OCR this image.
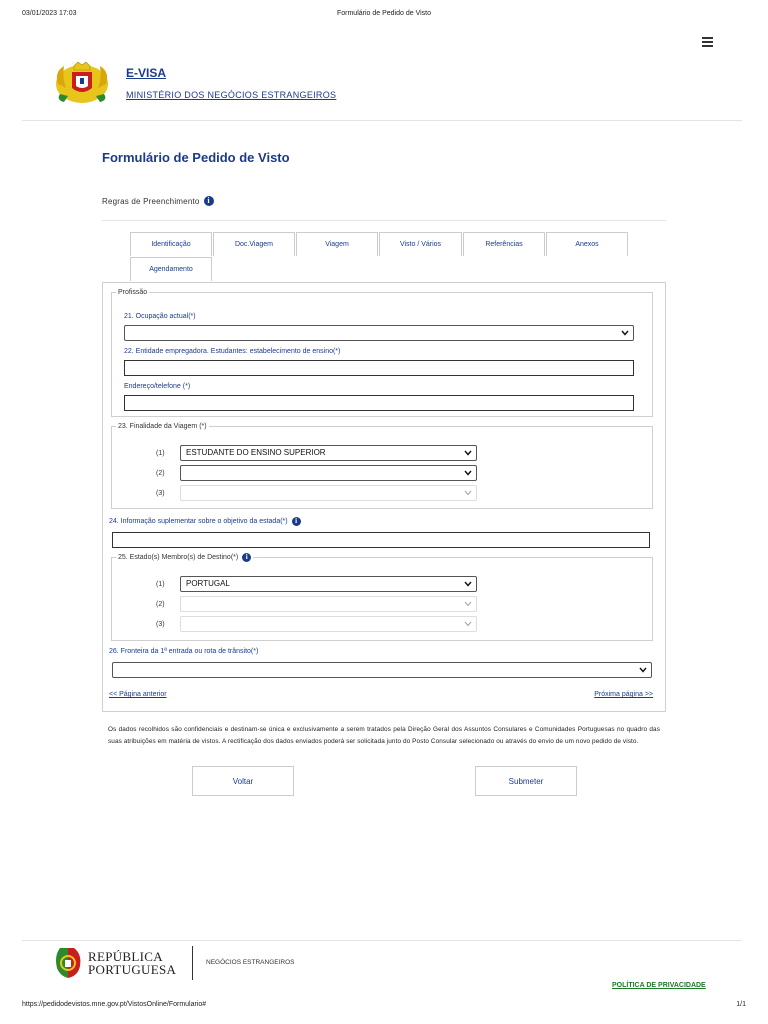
03/01/2023 17:03	Formulário de Pedido de Visto
E-VISA
MINISTÉRIO DOS NEGÓCIOS ESTRANGEIROS
Formulário de Pedido de Visto
Regras de Preenchimento i
Identificação	Doc.Viagem	Viagem	Visto / Vários	Referências	Anexos
Agendamento
Profissão
21. Ocupação actual(*)
22. Entidade empregadora. Estudantes: estabelecimento de ensino(*)
Endereço/telefone (*)
23. Finalidade da Viagem (*)
(1)	ESTUDANTE DO ENSINO SUPERIOR
(2)
(3)
24. Informação suplementar sobre o objetivo da estada(*)	i
25. Estado(s) Membro(s) de Destino(*)	i
(1)	PORTUGAL
(2)
(3)
26. Fronteira da 1ª entrada ou rota de trânsito(*)
<< Página anterior	Próxima página >>
Os dados recolhidos são confidenciais e destinam-se única e exclusivamente a serem tratados pela Direção Geral dos Assuntos Consulares e Comunidades Portuguesas no quadro das suas atribuições em matéria de vistos. A rectificação dos dados enviados poderá ser solicitada junto do Posto Consular selecionado ou através do envio de um novo pedido de visto.
Voltar	Submeter
REPÚBLICA
PORTUGUESA	NEGÓCIOS ESTRANGEIROS
POLÍTICA DE PRIVACIDADE
https://pedidodevistos.mne.gov.pt/VistosOnline/Formulario#	1/1
